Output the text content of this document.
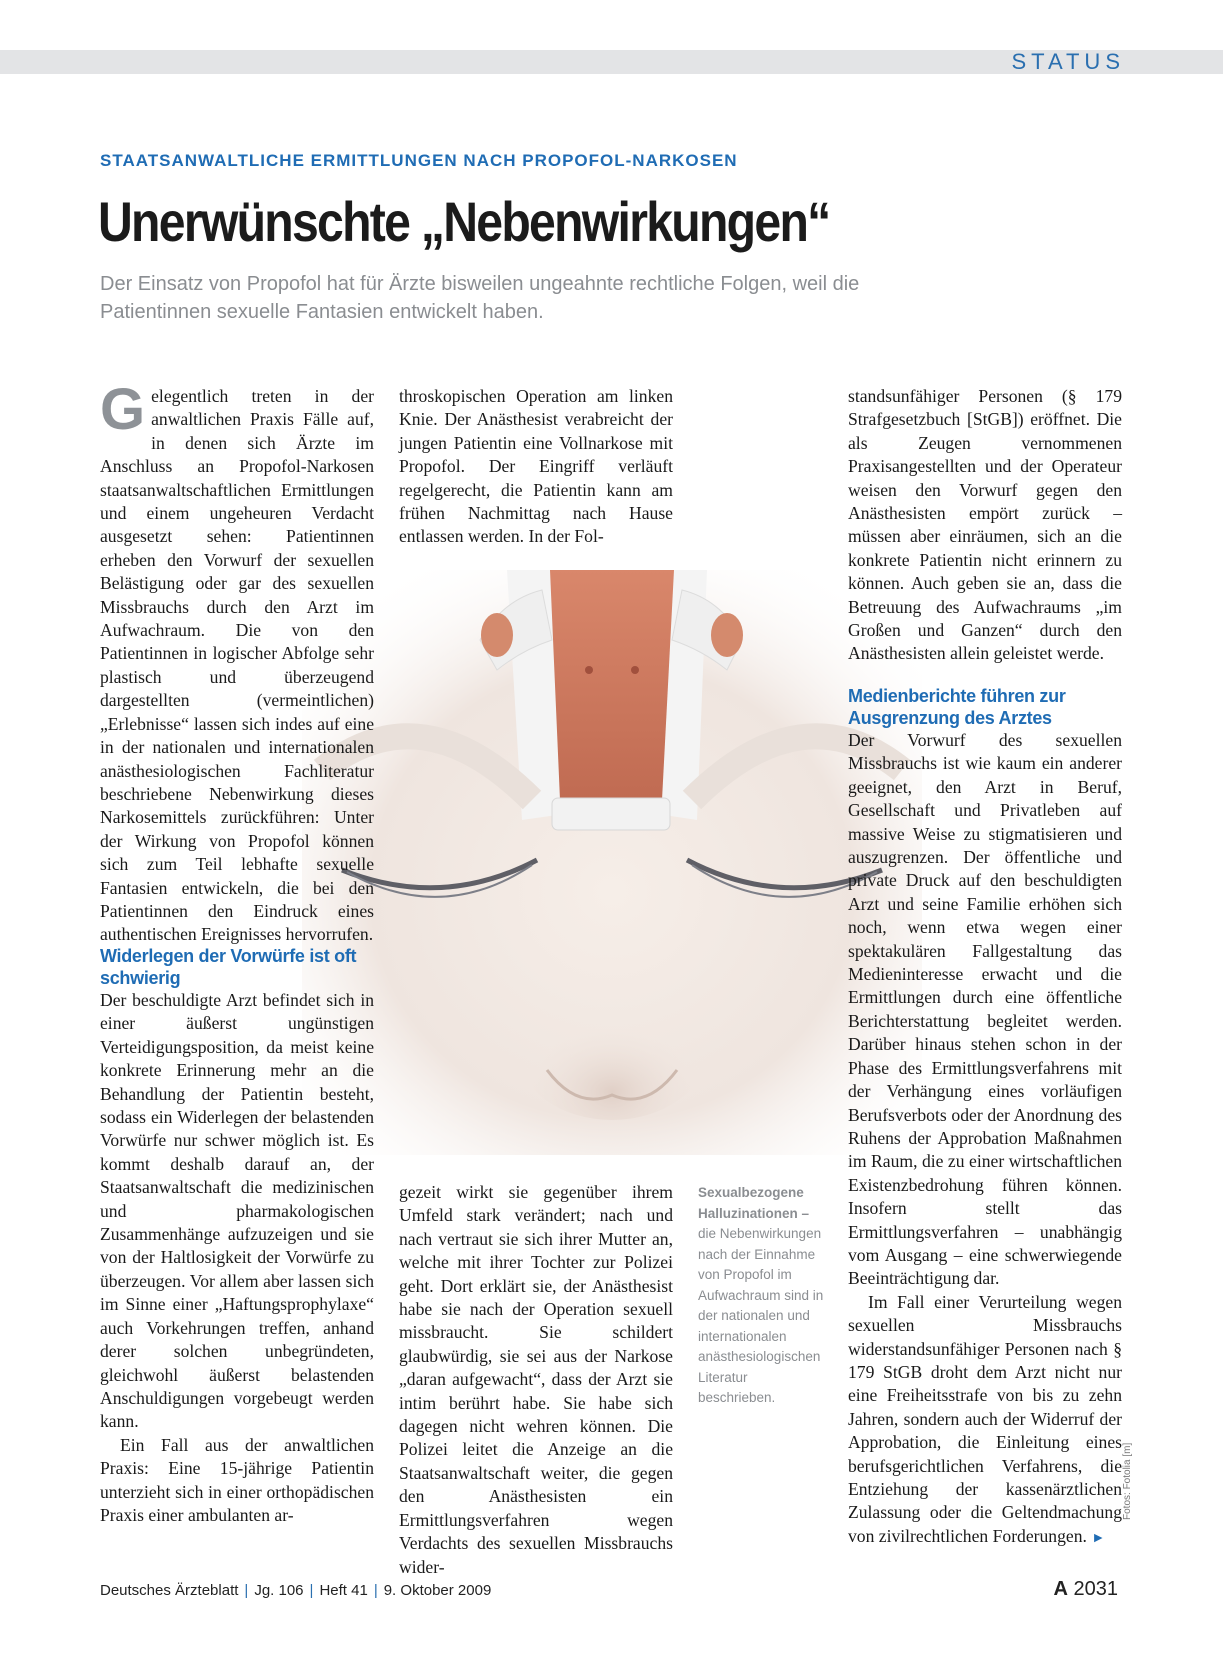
STATUS
STAATSANWALTLICHE ERMITTLUNGEN NACH PROPOFOL-NARKOSEN
Unerwünschte „Nebenwirkungen“
Der Einsatz von Propofol hat für Ärzte bisweilen ungeahnte rechtliche Folgen, weil die Patientinnen sexuelle Fantasien entwickelt haben.

Gelegentlich treten in der anwaltlichen Praxis Fälle auf, in denen sich Ärzte im Anschluss an Propofol-Narkosen staatsanwaltschaftlichen Ermittlungen und einem ungeheuren Verdacht ausgesetzt sehen: Patientinnen erheben den Vorwurf der sexuellen Belästigung oder gar des sexuellen Missbrauchs durch den Arzt im Aufwachraum. Die von den Patientinnen in logischer Abfolge sehr plastisch und überzeugend dargestellten (vermeintlichen) „Erlebnisse“ lassen sich indes auf eine in der nationalen und internationalen anästhesiologischen Fachliteratur beschriebene Nebenwirkung dieses Narkosemittels zurückführen: Unter der Wirkung von Propofol können sich zum Teil lebhafte sexuelle Fantasien entwickeln, die bei den Patientinnen den Eindruck eines authentischen Ereignisses hervorrufen.

Widerlegen der Vorwürfe ist oft schwierig

Der beschuldigte Arzt befindet sich in einer äußerst ungünstigen Verteidigungsposition, da meist keine konkrete Erinnerung mehr an die Behandlung der Patientin besteht, sodass ein Widerlegen der belastenden Vorwürfe nur schwer möglich ist. Es kommt deshalb darauf an, der Staatsanwaltschaft die medizinischen und pharmakologischen Zusammenhänge aufzuzeigen und sie von der Haltlosigkeit der Vorwürfe zu überzeugen. Vor allem aber lassen sich im Sinne einer „Haftungsprophylaxe“ auch Vorkehrungen treffen, anhand derer solchen unbegründeten, gleichwohl äußerst belastenden Anschuldigungen vorgebeugt werden kann.

Ein Fall aus der anwaltlichen Praxis: Eine 15-jährige Patientin unterzieht sich in einer orthopädischen Praxis einer ambulanten ar-

throskopischen Operation am linken Knie. Der Anästhesist verabreicht der jungen Patientin eine Vollnarkose mit Propofol. Der Eingriff verläuft regelgerecht, die Patientin kann am frühen Nachmittag nach Hause entlassen werden. In der Fol-

gezeit wirkt sie gegenüber ihrem Umfeld stark verändert; nach und nach vertraut sie sich ihrer Mutter an, welche mit ihrer Tochter zur Polizei geht. Dort erklärt sie, der Anästhesist habe sie nach der Operation sexuell missbraucht. Sie schildert glaubwürdig, sie sei aus der Narkose „daran aufgewacht“, dass der Arzt sie intim berührt habe. Sie habe sich dagegen nicht wehren können. Die Polizei leitet die Anzeige an die Staatsanwaltschaft weiter, die gegen den Anästhesisten ein Ermittlungsverfahren wegen Verdachts des sexuellen Missbrauchs wider-

Sexualbezogene Halluzinationen – die Nebenwirkungen nach der Einnahme von Propofol im Aufwachraum sind in der nationalen und internationalen anästhesiologischen Literatur beschrieben.

standsunfähiger Personen (§ 179 Strafgesetzbuch [StGB]) eröffnet. Die als Zeugen vernommenen Praxisangestellten und der Operateur weisen den Vorwurf gegen den Anästhesisten empört zurück – müssen aber einräumen, sich an die konkrete Patientin nicht erinnern zu können. Auch geben sie an, dass die Betreuung des Aufwachraums „im Großen und Ganzen“ durch den Anästhesisten allein geleistet werde.

Medienberichte führen zur Ausgrenzung des Arztes

Der Vorwurf des sexuellen Missbrauchs ist wie kaum ein anderer geeignet, den Arzt in Beruf, Gesellschaft und Privatleben auf massive Weise zu stigmatisieren und auszugrenzen. Der öffentliche und private Druck auf den beschuldigten Arzt und seine Familie erhöhen sich noch, wenn etwa wegen einer spektakulären Fallgestaltung das Medieninteresse erwacht und die Ermittlungen durch eine öffentliche Berichterstattung begleitet werden. Darüber hinaus stehen schon in der Phase des Ermittlungsverfahrens mit der Verhängung eines vorläufigen Berufsverbots oder der Anordnung des Ruhens der Approbation Maßnahmen im Raum, die zu einer wirtschaftlichen Existenzbedrohung führen können. Insofern stellt das Ermittlungsverfahren – unabhängig vom Ausgang – eine schwerwiegende Beeinträchtigung dar.

Im Fall einer Verurteilung wegen sexuellen Missbrauchs widerstandsunfähiger Personen nach § 179 StGB droht dem Arzt nicht nur eine Freiheitsstrafe von bis zu zehn Jahren, sondern auch der Widerruf der Approbation, die Einleitung eines berufsgerichtlichen Verfahrens, die Entziehung der kassenärztlichen Zulassung oder die Geltendmachung von zivilrechtlichen Forderungen. ►

Fotos: Fotolia [m]
Deutsches Ärzteblatt | Jg. 106 | Heft 41 | 9. Oktober 2009	A 2031
